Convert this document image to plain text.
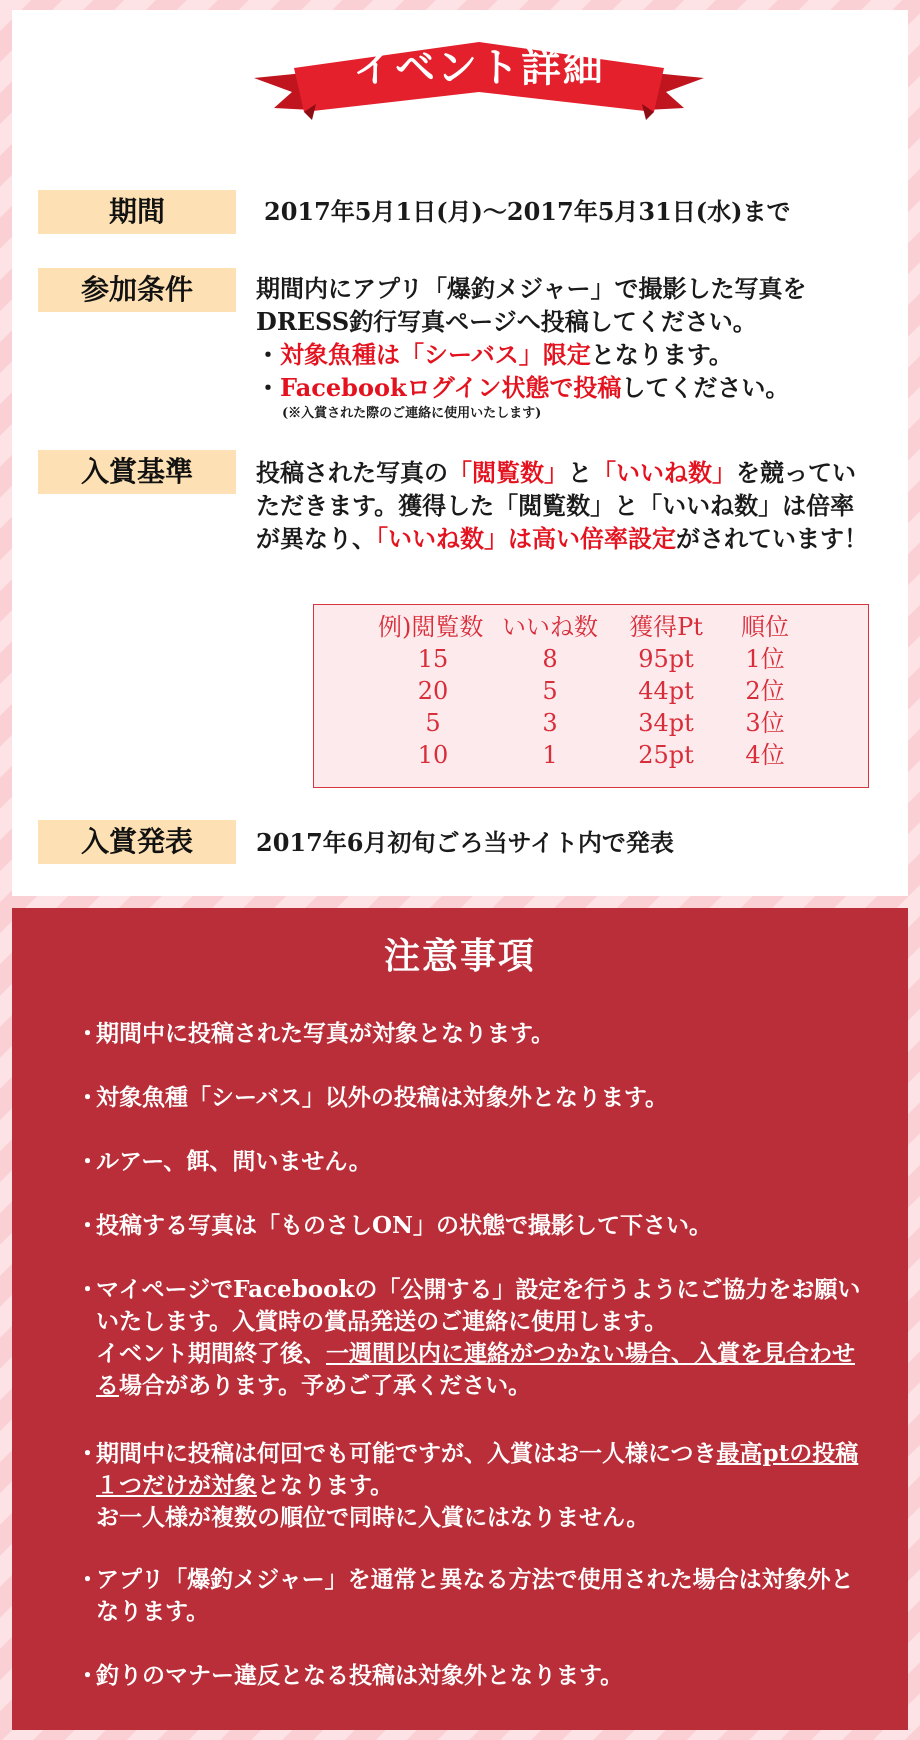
イベント詳細
期間	2017年5月1日(月)～2017年5月31日(水)まで
参加条件	期間内にアプリ「爆釣メジャー」で撮影した写真を
DRESS釣行写真ページへ投稿してください。
・対象魚種は「シーバス」限定となります。
・Facebookログイン状態で投稿してください。
(※入賞された際のご連絡に使用いたします)
入賞基準	投稿された写真の「閲覧数」と「いいね数」を競っていただきます。獲得した「閲覧数」と「いいね数」は倍率が異なり、「いいね数」は高い倍率設定がされています！
例)閲覧数	いいね数	獲得Pt	順位
15	8	95pt	1位
20	5	44pt	2位
5	3	34pt	3位
10	1	25pt	4位
入賞発表	2017年6月初旬ごろ当サイト内で発表
注意事項
・
期間中に投稿された写真が対象となります。
・
対象魚種「シーバス」以外の投稿は対象外となります。
・
ルアー、餌、問いません。
・
投稿する写真は「ものさしON」の状態で撮影して下さい。
・
マイページでFacebookの「公開する」設定を行うようにご協力をお願いいたします。入賞時の賞品発送のご連絡に使用します。
イベント期間終了後、一週間以内に連絡がつかない場合、入賞を見合わせる場合があります。予めご了承ください。
・
期間中に投稿は何回でも可能ですが、入賞はお一人様につき最高ptの投稿１つだけが対象となります。
お一人様が複数の順位で同時に入賞にはなりません。
・
アプリ「爆釣メジャー」を通常と異なる方法で使用された場合は対象外となります。
・
釣りのマナー違反となる投稿は対象外となります。
